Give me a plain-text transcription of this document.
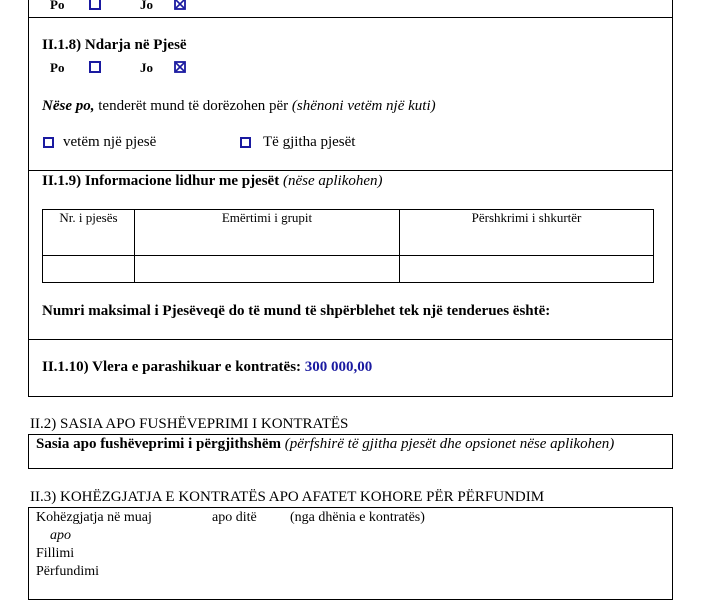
Po	Jo
II.1.8) Ndarja në Pjesë
Po	Jo
Nëse po, tenderët mund të dorëzohen për (shënoni vetëm një kuti)
vetëm një pjesë	Të gjitha pjesët
II.1.9) Informacione lidhur me pjesët (nëse aplikohen)
Nr. i pjesës	Emërtimi i grupit	Përshkrimi i shkurtër

Numri maksimal i Pjesëveqë do të mund të shpërblehet tek një tenderues është:
II.1.10) Vlera e parashikuar e kontratës: 300 000,00
II.2) SASIA APO FUSHËVEPRIMI I KONTRATËS
Sasia apo fushëveprimi i përgjithshëm (përfshirë të gjitha pjesët dhe opsionet nëse aplikohen)
II.3) KOHËZGJATJA E KONTRATËS APO AFATET KOHORE PËR PËRFUNDIM
Kohëzgjatja në muaj	apo ditë (nga dhënia e kontratës)
apo
Fillimi
Përfundimi
